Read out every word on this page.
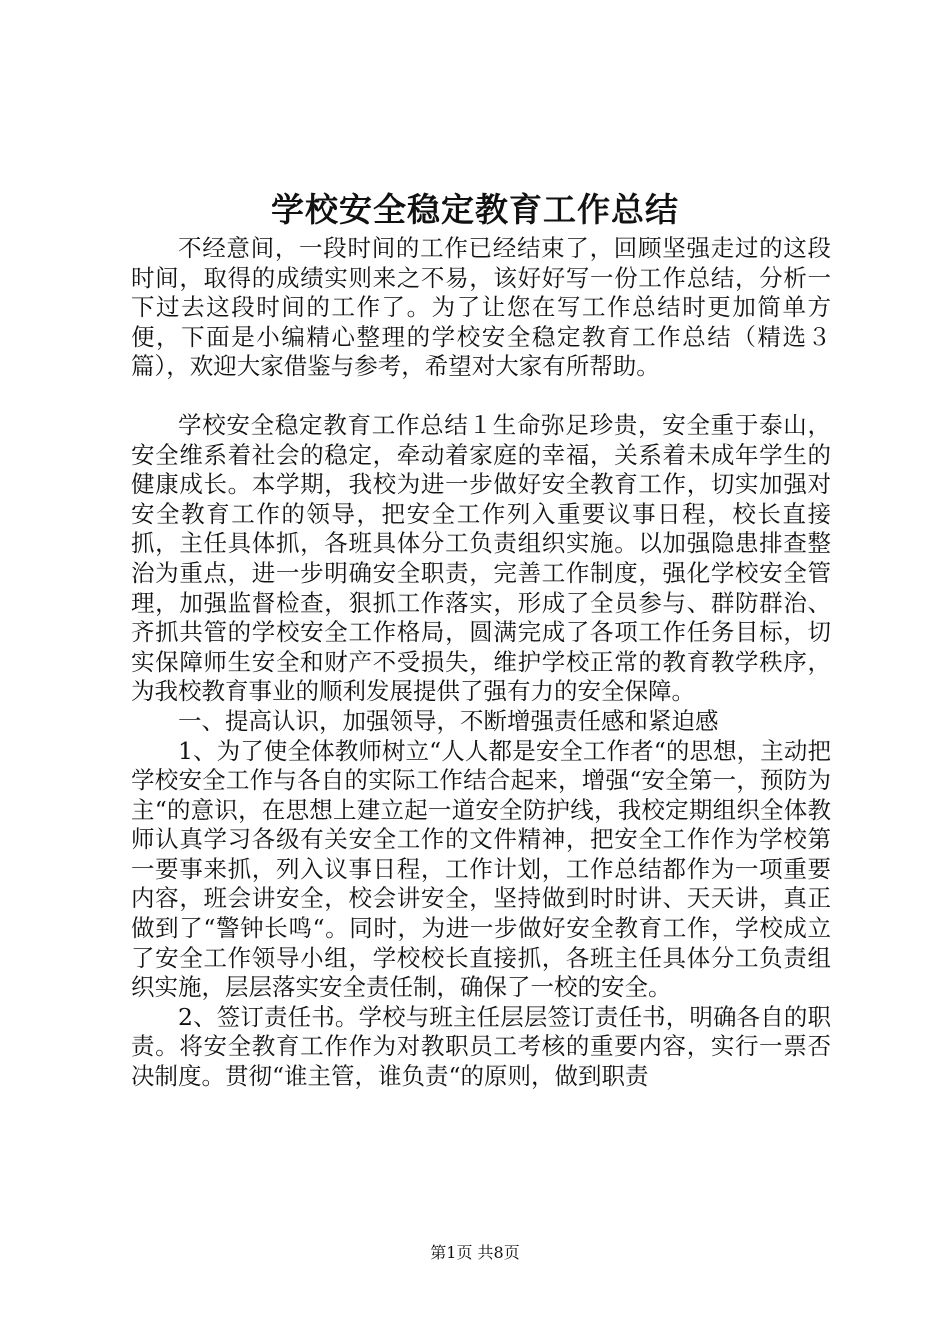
学校安全稳定教育工作总结

不经意间，一段时间的工作已经结束了，回顾坚强走过的这段时间，取得的成绩实则来之不易，该好好写一份工作总结，分析一下过去这段时间的工作了。为了让您在写工作总结时更加简单方便，下面是小编精心整理的学校安全稳定教育工作总结（精选３篇），欢迎大家借鉴与参考，希望对大家有所帮助。

学校安全稳定教育工作总结１生命弥足珍贵，安全重于泰山，安全维系着社会的稳定，牵动着家庭的幸福，关系着未成年学生的健康成长。本学期，我校为进一步做好安全教育工作，切实加强对安全教育工作的领导，把安全工作列入重要议事日程，校长直接抓，主任具体抓，各班具体分工负责组织实施。以加强隐患排查整治为重点，进一步明确安全职责，完善工作制度，强化学校安全管理，加强监督检查，狠抓工作落实，形成了全员参与、群防群治、齐抓共管的学校安全工作格局，圆满完成了各项工作任务目标，切实保障师生安全和财产不受损失，维护学校正常的教育教学秩序，为我校教育事业的顺利发展提供了强有力的安全保障。

一、提高认识，加强领导，不断增强责任感和紧迫感

1、为了使全体教师树立“人人都是安全工作者“的思想，主动把学校安全工作与各自的实际工作结合起来，增强“安全第一，预防为主“的意识，在思想上建立起一道安全防护线，我校定期组织全体教师认真学习各级有关安全工作的文件精神，把安全工作作为学校第一要事来抓，列入议事日程，工作计划，工作总结都作为一项重要内容，班会讲安全，校会讲安全，坚持做到时时讲、天天讲，真正做到了“警钟长鸣“。同时，为进一步做好安全教育工作，学校成立了安全工作领导小组，学校校长直接抓，各班主任具体分工负责组织实施，层层落实安全责任制，确保了一校的安全。

2、签订责任书。学校与班主任层层签订责任书，明确各自的职责。将安全教育工作作为对教职员工考核的重要内容，实行一票否决制度。贯彻“谁主管，谁负责“的原则，做到职责

第1页 共8页
